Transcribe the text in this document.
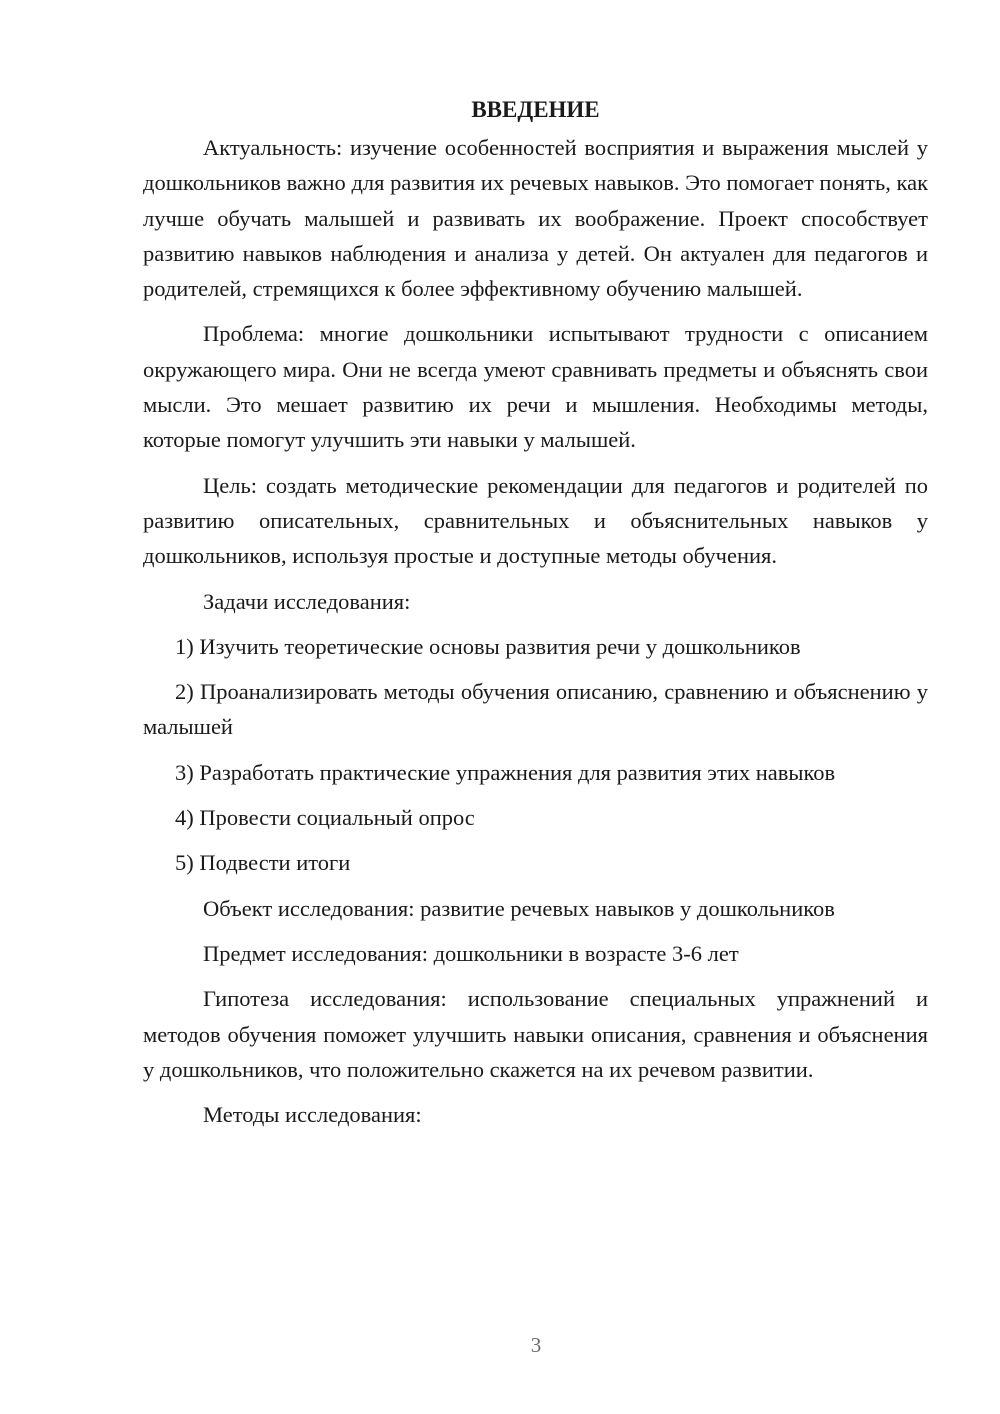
ВВЕДЕНИЕ

Актуальность: изучение особенностей восприятия и выражения мыслей у дошкольников важно для развития их речевых навыков. Это помогает понять, как лучше обучать малышей и развивать их воображение. Проект способствует развитию навыков наблюдения и анализа у детей. Он актуален для педагогов и родителей, стремящихся к более эффективному обучению малышей.

Проблема: многие дошкольники испытывают трудности с описанием окружающего мира. Они не всегда умеют сравнивать предметы и объяснять свои мысли. Это мешает развитию их речи и мышления. Необходимы методы, которые помогут улучшить эти навыки у малышей.

Цель: создать методические рекомендации для педагогов и родителей по развитию описательных, сравнительных и объяснительных навыков у дошкольников, используя простые и доступные методы обучения.

Задачи исследования:

1) Изучить теоретические основы развития речи у дошкольников

2) Проанализировать методы обучения описанию, сравнению и объяснению у малышей

3) Разработать практические упражнения для развития этих навыков

4) Провести социальный опрос

5) Подвести итоги

Объект исследования: развитие речевых навыков у дошкольников

Предмет исследования: дошкольники в возрасте 3-6 лет

Гипотеза исследования: использование специальных упражнений и методов обучения поможет улучшить навыки описания, сравнения и объяснения у дошкольников, что положительно скажется на их речевом развитии.

Методы исследования:

3
